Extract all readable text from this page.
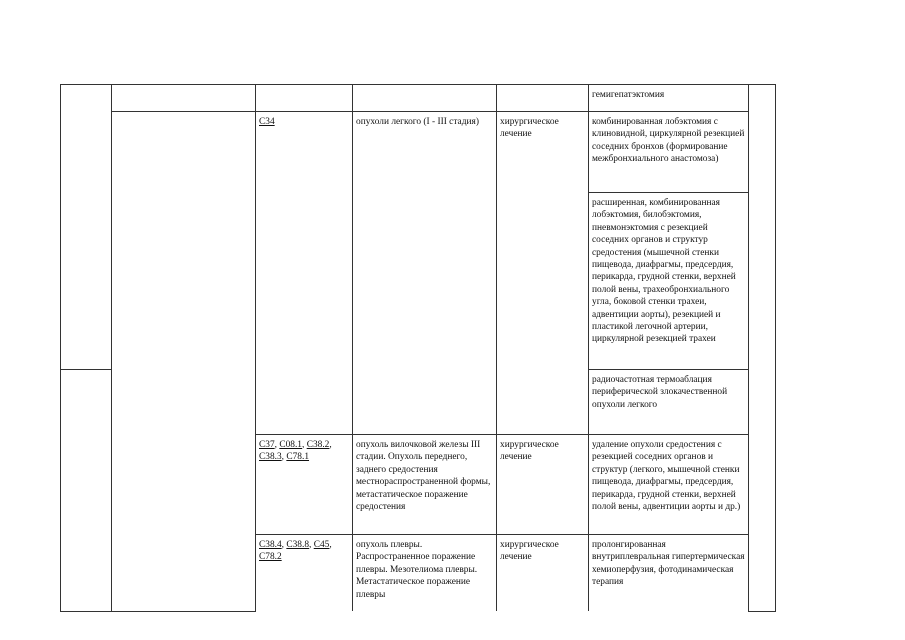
					гемигепатэктомия	
		C34	опухоли легкого (I - III стадия)	хирургическое лечение	комбинированная лобэктомия с клиновидной, циркулярной резекцией соседних бронхов (формирование межбронхиального анастомоза)	
					расширенная, комбинированная лобэктомия, билобэктомия, пневмонэктомия с резекцией соседних органов и структур средостения (мышечной стенки пищевода, диафрагмы, предсердия, перикарда, грудной стенки, верхней полой вены, трахеобронхиального угла, боковой стенки трахеи, адвентиции аорты), резекцией и пластикой легочной артерии, циркулярной резекцией трахеи	
					радиочастотная термоаблация периферической злокачественной опухоли легкого	
		C37, C08.1, C38.2, C38.3, C78.1	опухоль вилочковой железы III стадии. Опухоль переднего, заднего средостения местнораспространенной формы, метастатическое поражение средостения	хирургическое лечение	удаление опухоли средостения с резекцией соседних органов и структур (легкого, мышечной стенки пищевода, диафрагмы, предсердия, перикарда, грудной стенки, верхней полой вены, адвентиции аорты и др.)	
		C38.4, C38.8, C45, C78.2	опухоль плевры. Распространенное поражение плевры. Мезотелиома плевры. Метастатическое поражение плевры	хирургическое лечение	пролонгированная внутриплевральная гипертермическая хемиоперфузия, фотодинамическая терапия	
